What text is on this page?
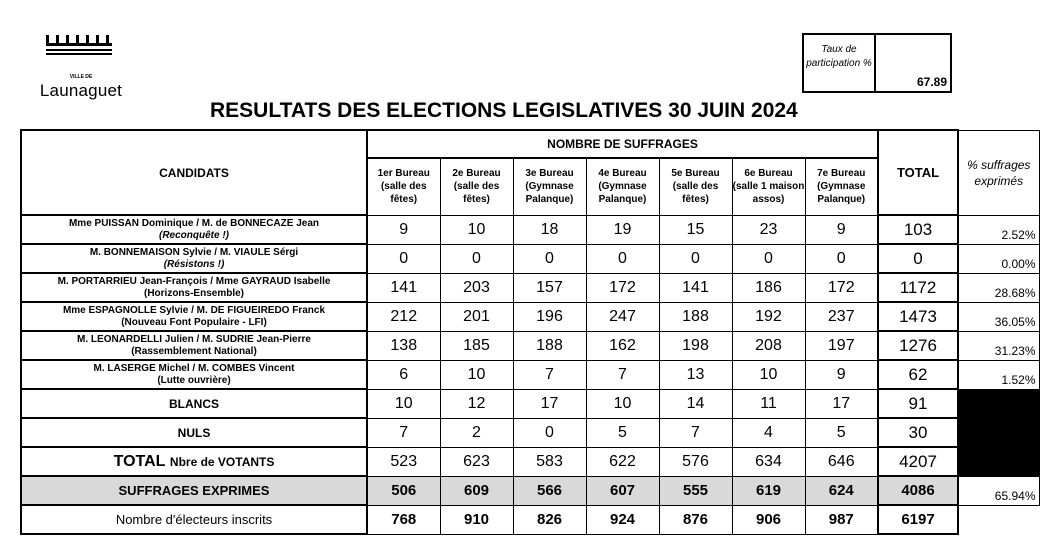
VILLE DE
Launaguet
Taux de participation %
67.89
RESULTATS DES ELECTIONS LEGISLATIVES 30 JUIN 2024
CANDIDATS	NOMBRE DE SUFFRAGES							TOTAL	% suffrages exprimés
	1er Bureau (salle des fêtes)	2e Bureau (salle des fêtes)	3e Bureau (Gymnase Palanque)	4e Bureau (Gymnase Palanque)	5e Bureau (salle des fêtes)	6e Bureau (salle 1 maison assos)	7e Bureau (Gymnase Palanque)		

Mme PUISSAN Dominique / M. de BONNECAZE Jean
(Reconquête !)	9	10	18	19	15	23	9	103	2.52%

M. BONNEMAISON Sylvie / M. VIAULE Sérgi
(Résistons !)	0	0	0	0	0	0	0	0	0.00%

M. PORTARRIEU Jean-François / Mme GAYRAUD Isabelle
(Horizons-Ensemble)	141	203	157	172	141	186	172	1172	28.68%

Mme ESPAGNOLLE Sylvie / M. DE FIGUEIREDO Franck
(Nouveau Font Populaire - LFI)	212	201	196	247	188	192	237	1473	36.05%

M. LEONARDELLI Julien / M. SUDRIE Jean-Pierre
(Rassemblement National)	138	185	188	162	198	208	197	1276	31.23%

M. LASERGE Michel / M. COMBES Vincent
(Lutte ouvrière)	6	10	7	7	13	10	9	62	1.52%
BLANCS	10	12	17	10	14	11	17	91	
NULS	7	2	0	5	7	4	5	30	
TOTAL Nbre de VOTANTS	523	623	583	622	576	634	646	4207	
SUFFRAGES EXPRIMES	506	609	566	607	555	619	624	4086	65.94%
Nombre d'électeurs inscrits	768	910	826	924	876	906	987	6197	
